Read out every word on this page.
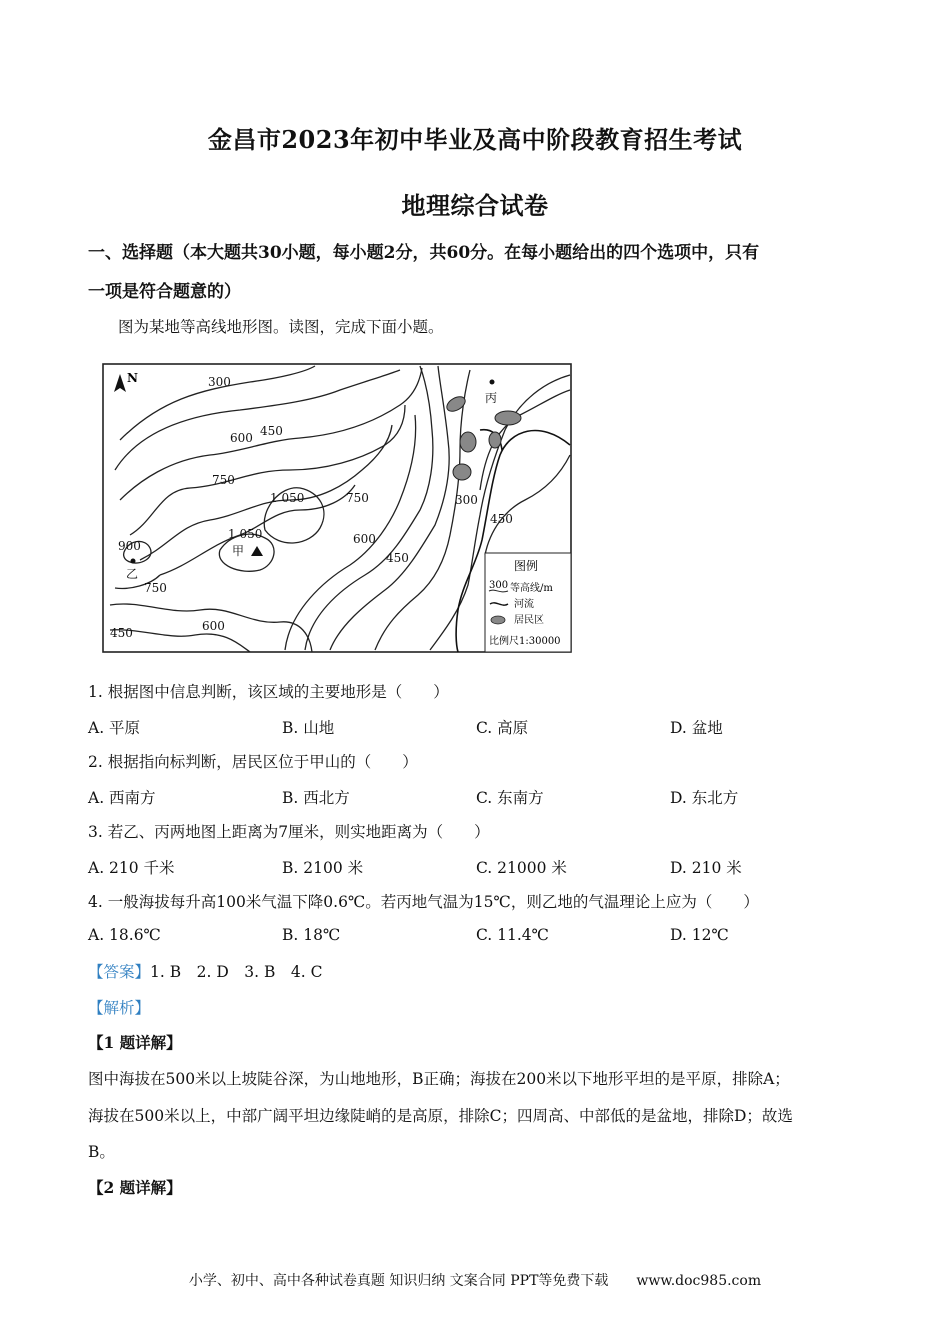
金昌市2023年初中毕业及高中阶段教育招生考试
地理综合试卷
一、选择题（本大题共30小题，每小题2分，共60分。在每小题给出的四个选项中，只有
一项是符合题意的）
图为某地等高线地形图。读图，完成下面小题。
N	300
450
600
750
1 050	750
1 050
甲
600
450
300
450
丙
900
乙
750
450	600
图例
300 等高线/m
河流
居民区
比例尺1:30000
1. 根据图中信息判断，该区域的主要地形是（　　）
A. 平原	B. 山地	C. 高原	D. 盆地
2. 根据指向标判断，居民区位于甲山的（　　）
A. 西南方	B. 西北方	C. 东南方	D. 东北方
3. 若乙、丙两地图上距离为7厘米，则实地距离为（　　）
A. 210 千米	B. 2100 米	C. 21000 米	D. 210 米
4. 一般海拔每升高100米气温下降0.6℃。若丙地气温为15℃，则乙地的气温理论上应为（　　）
A. 18.6℃	B. 18℃	C. 11.4℃	D. 12℃
【答案】1. B　2. D　3. B　4. C
【解析】
【1 题详解】
图中海拔在500米以上坡陡谷深，为山地地形，B正确；海拔在200米以下地形平坦的是平原，排除A；
海拔在500米以上，中部广阔平坦边缘陡峭的是高原，排除C；四周高、中部低的是盆地，排除D；故选
B。
【2 题详解】
小学、初中、高中各种试卷真题 知识归纳 文案合同 PPT等免费下载　　www.doc985.com
